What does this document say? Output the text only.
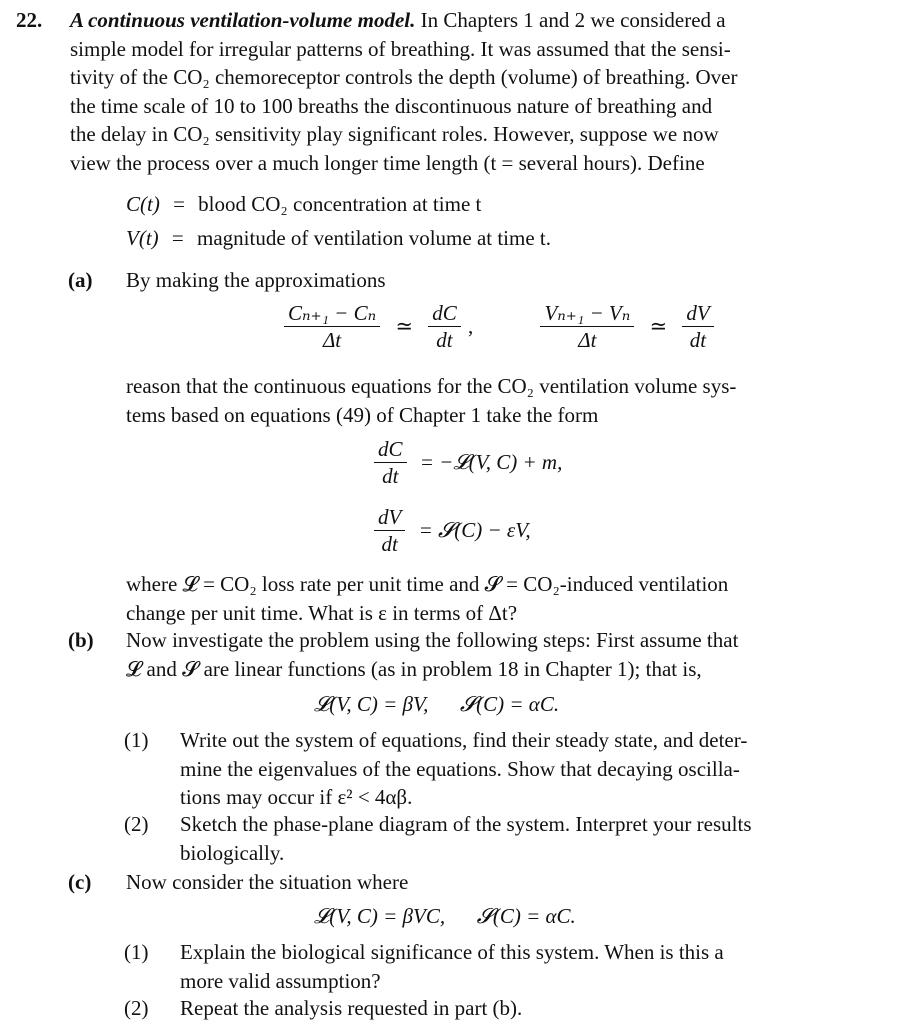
22. A continuous ventilation-volume model. In Chapters 1 and 2 we considered a
simple model for irregular patterns of breathing. It was assumed that the sensi-
tivity of the CO₂ chemoreceptor controls the depth (volume) of breathing. Over
the time scale of 10 to 100 breaths the discontinuous nature of breathing and
the delay in CO₂ sensitivity play significant roles. However, suppose we now
view the process over a much longer time length (t = several hours). Define
C(t) = blood CO₂ concentration at time t
V(t) = magnitude of ventilation volume at time t.
(a) By making the approximations
$\frac{\text{Cₙ₊₁ − Cₙ}}{\Delta t}$ ≃ $\frac{dC}{dt}$ ,	$\frac{\text{Vₙ₊₁ − Vₙ}}{\Delta t}$ ≃ $\frac{dV}{dt}$
reason that the continuous equations for the CO₂ ventilation volume sys-
tems based on equations (49) of Chapter 1 take the form
$\frac{dC}{dt}$ = −𝓛(V, C) + m,
$\frac{dV}{dt}$ = 𝓢(C) − εV,
where 𝓛 = CO₂ loss rate per unit time and 𝓢 = CO₂-induced ventilation
change per unit time. What is ε in terms of Δt?
(b) Now investigate the problem using the following steps: First assume that
𝓛 and 𝓢 are linear functions (as in problem 18 in Chapter 1); that is,
𝓛(V, C) = βV,      𝓢(C) = αC.
(1) Write out the system of equations, find their steady state, and deter-
mine the eigenvalues of the equations. Show that decaying oscilla-
tions may occur if ε² < 4αβ.
(2) Sketch the phase-plane diagram of the system. Interpret your results
biologically.
(c) Now consider the situation where
𝓛(V, C) = βVC,      𝓢(C) = αC.
(1) Explain the biological significance of this system. When is this a
more valid assumption?
(2) Repeat the analysis requested in part (b).
